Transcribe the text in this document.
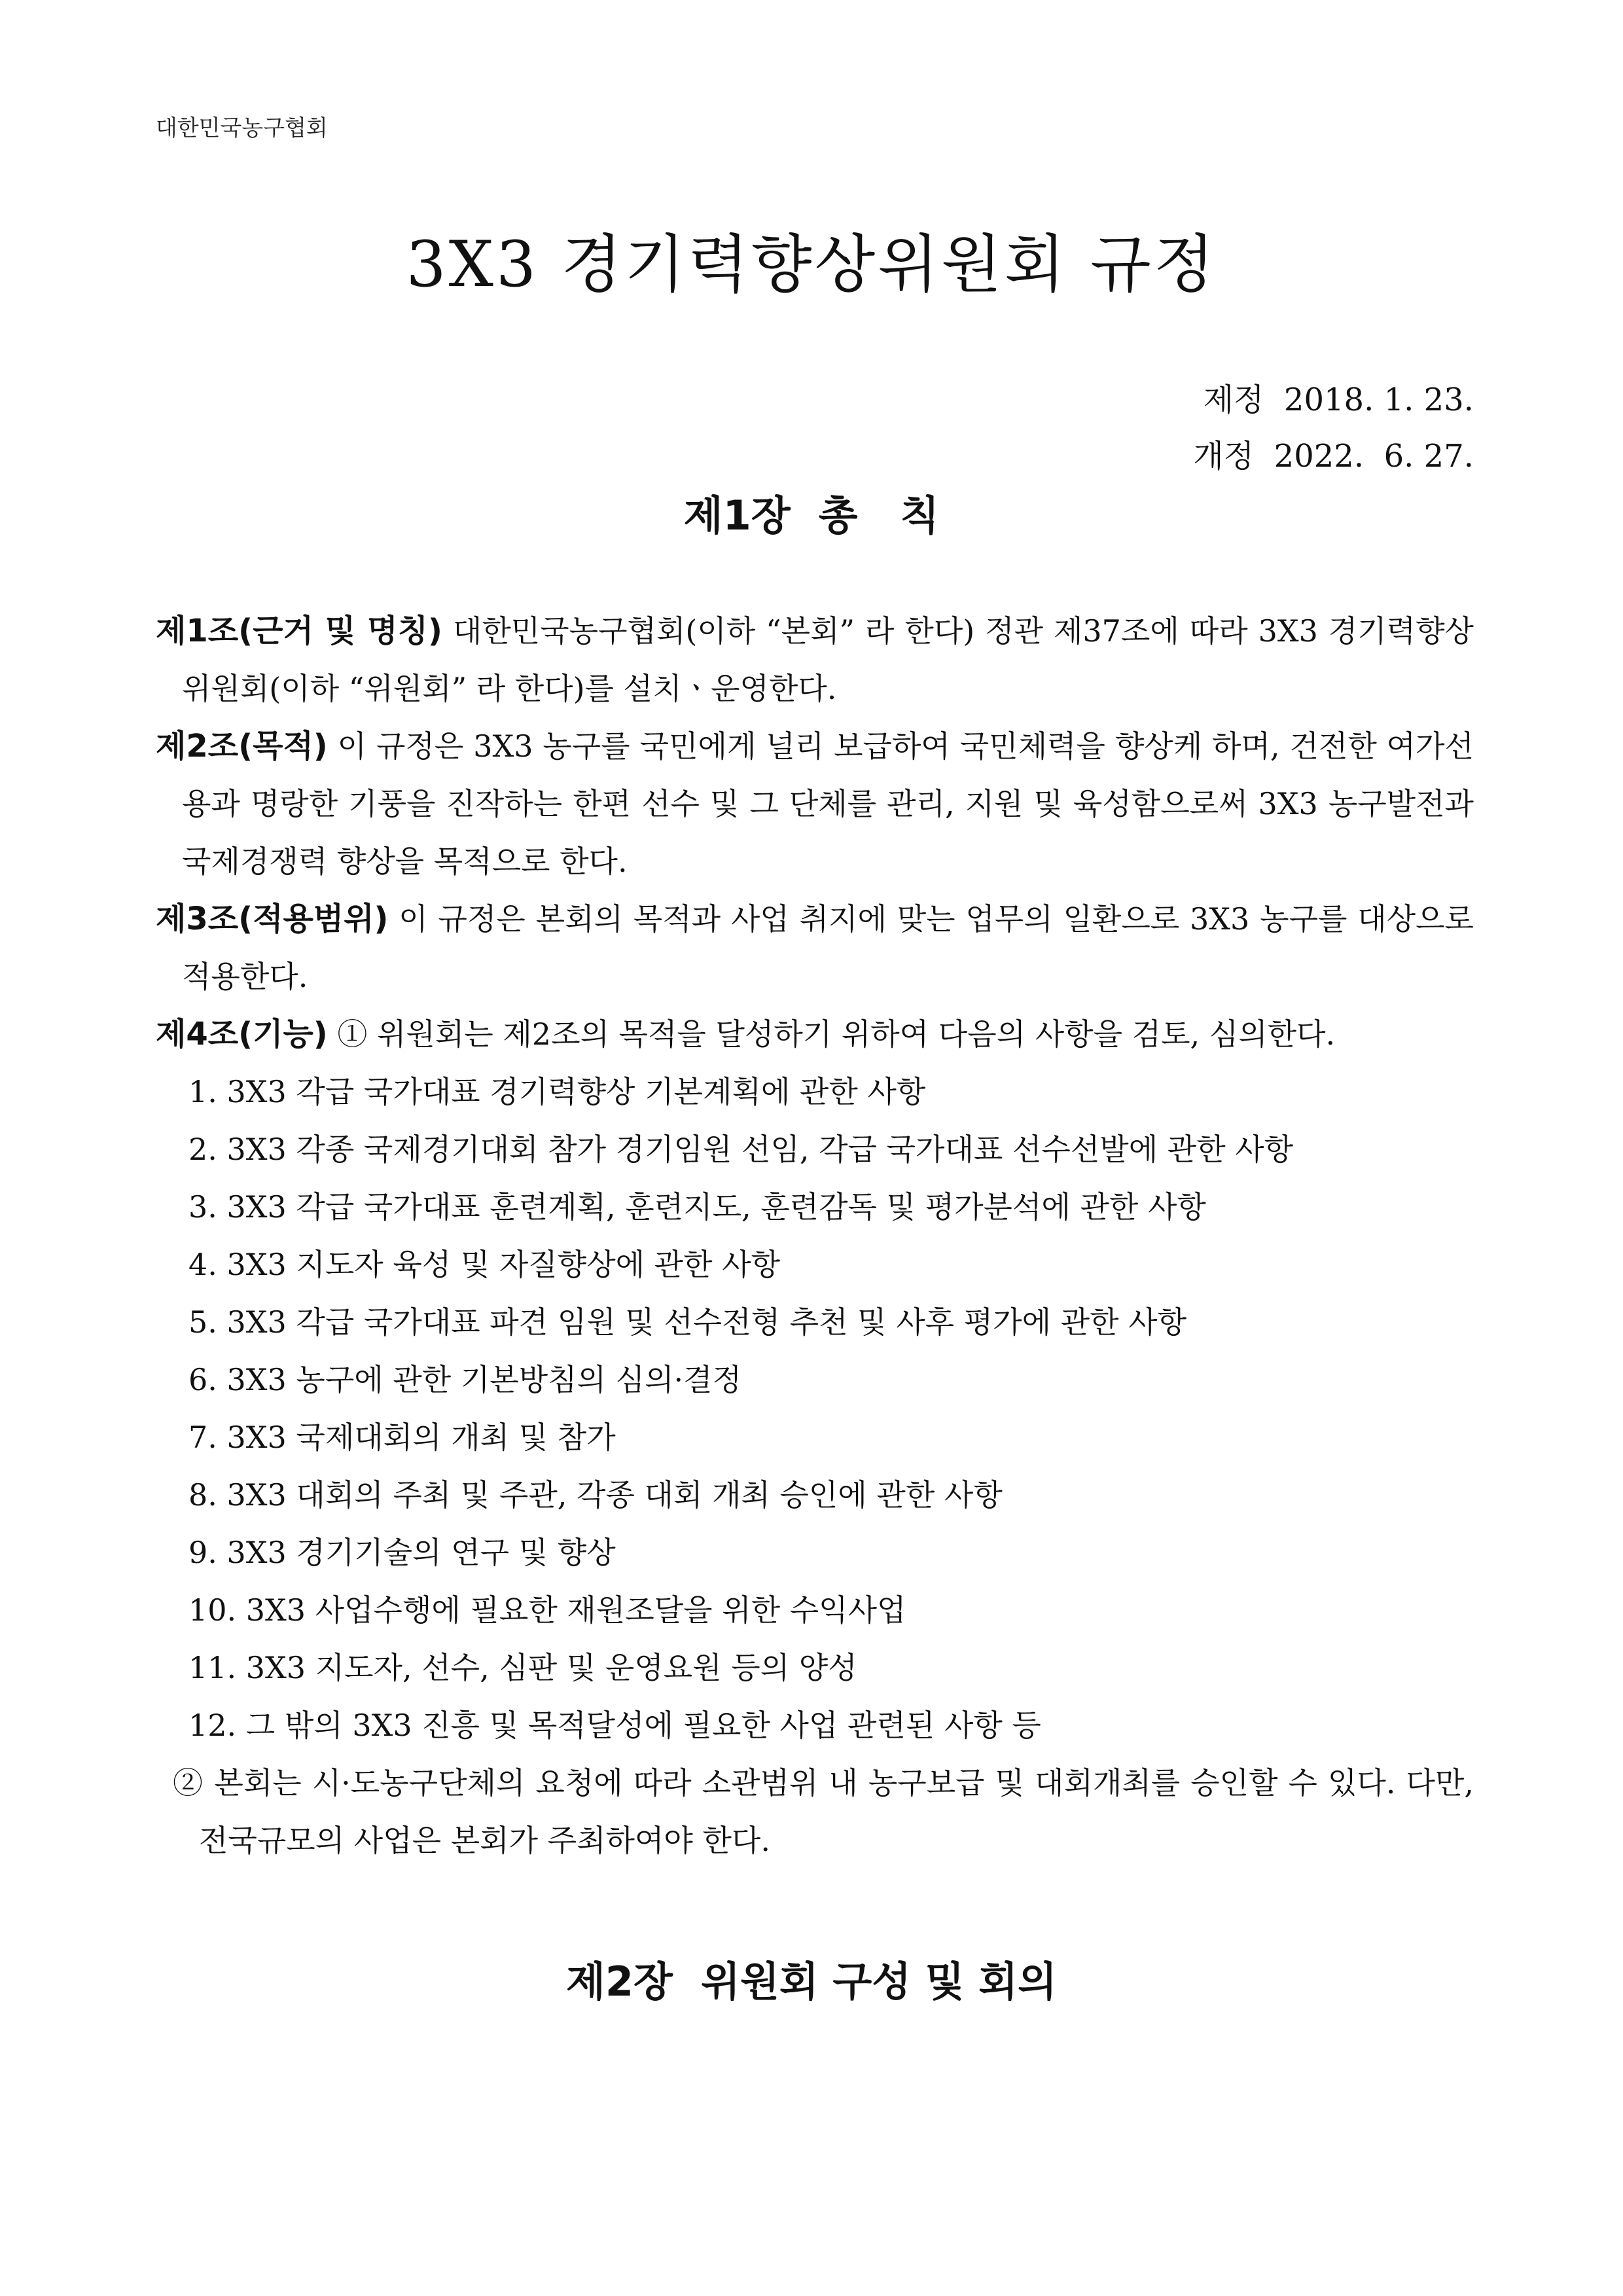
대한민국농구협회
3X3 경기력향상위원회 규정
제정  2018. 1. 23.
개정  2022.  6. 27.
제1장  총   칙

제1조(근거 및 명칭) 대한민국농구협회(이하 “본회” 라 한다) 정관 제37조에 따라 3X3 경기력향상위원회(이하 “위원회” 라 한다)를 설치ㆍ운영한다.

제2조(목적) 이 규정은 3X3 농구를 국민에게 널리 보급하여 국민체력을 향상케 하며, 건전한 여가선용과 명랑한 기풍을 진작하는 한편 선수 및 그 단체를 관리, 지원 및 육성함으로써 3X3 농구발전과 국제경쟁력 향상을 목적으로 한다.

제3조(적용범위) 이 규정은 본회의 목적과 사업 취지에 맞는 업무의 일환으로 3X3 농구를 대상으로 적용한다.

제4조(기능) ① 위원회는 제2조의 목적을 달성하기 위하여 다음의 사항을 검토, 심의한다.

1. 3X3 각급 국가대표 경기력향상 기본계획에 관한 사항

2. 3X3 각종 국제경기대회 참가 경기임원 선임, 각급 국가대표 선수선발에 관한 사항

3. 3X3 각급 국가대표 훈련계획, 훈련지도, 훈련감독 및 평가분석에 관한 사항

4. 3X3 지도자 육성 및 자질향상에 관한 사항

5. 3X3 각급 국가대표 파견 임원 및 선수전형 추천 및 사후 평가에 관한 사항

6. 3X3 농구에 관한 기본방침의 심의·결정

7. 3X3 국제대회의 개최 및 참가

8. 3X3 대회의 주최 및 주관, 각종 대회 개최 승인에 관한 사항

9. 3X3 경기기술의 연구 및 향상

10. 3X3 사업수행에 필요한 재원조달을 위한 수익사업

11. 3X3 지도자, 선수, 심판 및 운영요원 등의 양성

12. 그 밖의 3X3 진흥 및 목적달성에 필요한 사업 관련된 사항 등

② 본회는 시·도농구단체의 요청에 따라 소관범위 내 농구보급 및 대회개최를 승인할 수 있다. 다만, 전국규모의 사업은 본회가 주최하여야 한다.

제2장  위원회 구성 및 회의
